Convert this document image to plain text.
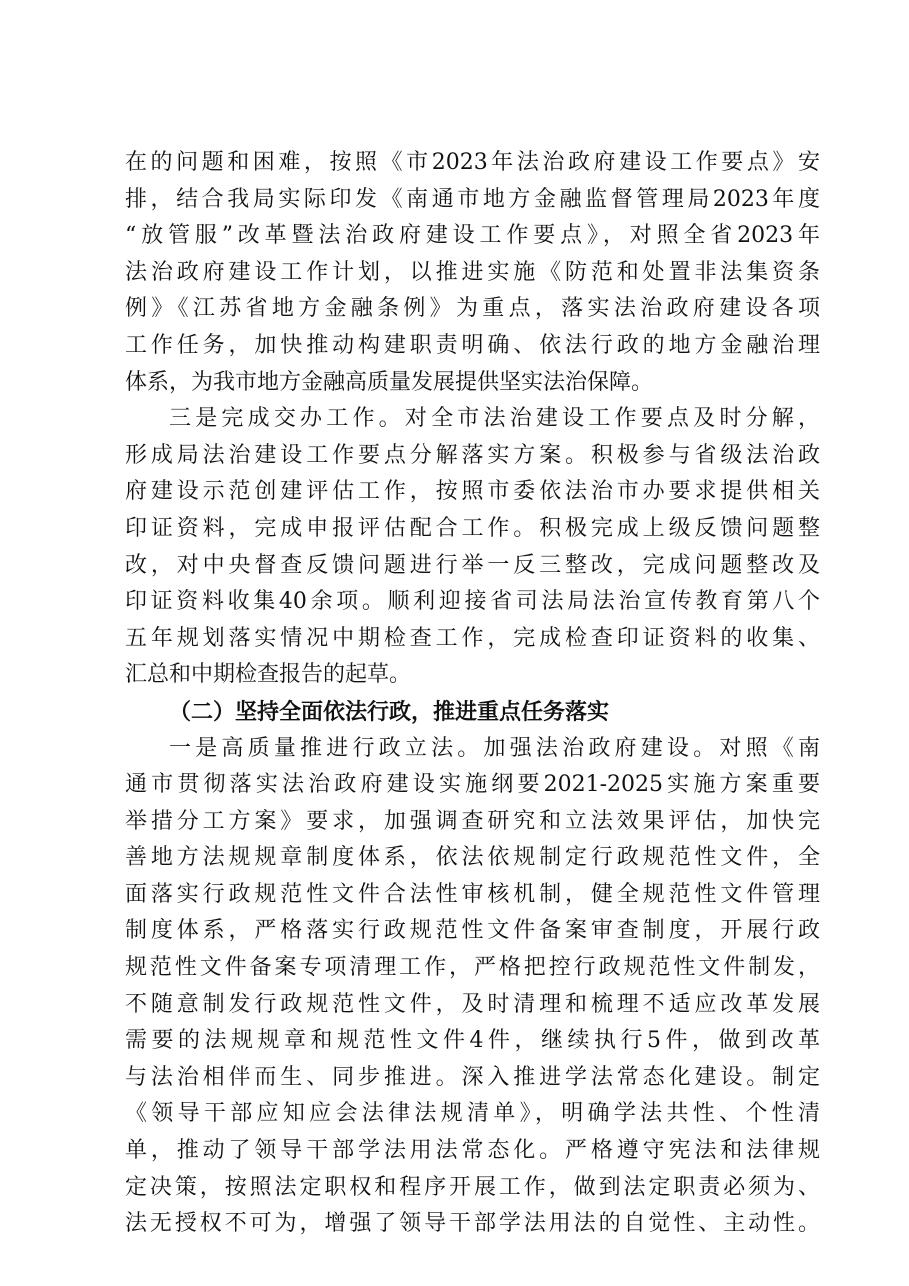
在的问题和困难，按照《市2023年法治政府建设工作要点》安
排，结合我局实际印发《南通市地方金融监督管理局2023年度
“放管服”改革暨法治政府建设工作要点》，对照全省2023年
法治政府建设工作计划，以推进实施《防范和处置非法集资条
例》《江苏省地方金融条例》为重点，落实法治政府建设各项
工作任务，加快推动构建职责明确、依法行政的地方金融治理
体系，为我市地方金融高质量发展提供坚实法治保障。
三是完成交办工作。对全市法治建设工作要点及时分解，
形成局法治建设工作要点分解落实方案。积极参与省级法治政
府建设示范创建评估工作，按照市委依法治市办要求提供相关
印证资料，完成申报评估配合工作。积极完成上级反馈问题整
改，对中央督查反馈问题进行举一反三整改，完成问题整改及
印证资料收集40余项。顺利迎接省司法局法治宣传教育第八个
五年规划落实情况中期检查工作，完成检查印证资料的收集、
汇总和中期检查报告的起草。
（二）坚持全面依法行政，推进重点任务落实
一是高质量推进行政立法。加强法治政府建设。对照《南
通市贯彻落实法治政府建设实施纲要2021-2025实施方案重要
举措分工方案》要求，加强调查研究和立法效果评估，加快完
善地方法规规章制度体系，依法依规制定行政规范性文件，全
面落实行政规范性文件合法性审核机制，健全规范性文件管理
制度体系，严格落实行政规范性文件备案审查制度，开展行政
规范性文件备案专项清理工作，严格把控行政规范性文件制发，
不随意制发行政规范性文件，及时清理和梳理不适应改革发展
需要的法规规章和规范性文件4件，继续执行5件，做到改革
与法治相伴而生、同步推进。深入推进学法常态化建设。制定
《领导干部应知应会法律法规清单》，明确学法共性、个性清
单，推动了领导干部学法用法常态化。严格遵守宪法和法律规
定决策，按照法定职权和程序开展工作，做到法定职责必须为、
法无授权不可为，增强了领导干部学法用法的自觉性、主动性。
